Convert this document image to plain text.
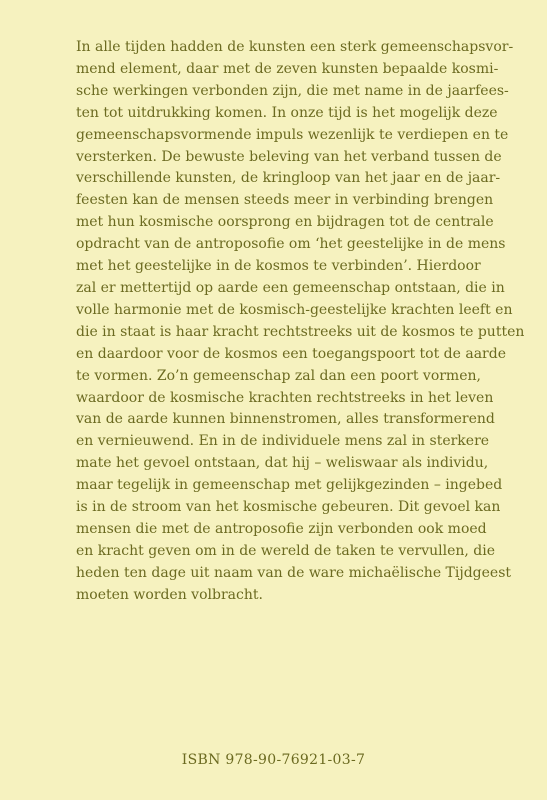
In alle tijden hadden de kunsten een sterk gemeenschapsvor-
mend element, daar met de zeven kunsten bepaalde kosmi-
sche werkingen verbonden zijn, die met name in de jaarfees-
ten tot uitdrukking komen. In onze tijd is het mogelijk deze
gemeenschapsvormende impuls wezenlijk te verdiepen en te
versterken. De bewuste beleving van het verband tussen de
verschillende kunsten, de kringloop van het jaar en de jaar-
feesten kan de mensen steeds meer in verbinding brengen
met hun kosmische oorsprong en bijdragen tot de centrale
opdracht van de antroposofie om ‘het geestelijke in de mens
met het geestelijke in de kosmos te verbinden’. Hierdoor
zal er mettertijd op aarde een gemeenschap ontstaan, die in
volle harmonie met de kosmisch-geestelijke krachten leeft en
die in staat is haar kracht rechtstreeks uit de kosmos te putten
en daardoor voor de kosmos een toegangspoort tot de aarde
te vormen. Zo’n gemeenschap zal dan een poort vormen,
waardoor de kosmische krachten rechtstreeks in het leven
van de aarde kunnen binnenstromen, alles transformerend
en vernieuwend. En in de individuele mens zal in sterkere
mate het gevoel ontstaan, dat hij – weliswaar als individu,
maar tegelijk in gemeenschap met gelijkgezinden – ingebed
is in de stroom van het kosmische gebeuren. Dit gevoel kan
mensen die met de antroposofie zijn verbonden ook moed
en kracht geven om in de wereld de taken te vervullen, die
heden ten dage uit naam van de ware michaëlische Tijdgeest
moeten worden volbracht.

ISBN 978-90-76921-03-7
